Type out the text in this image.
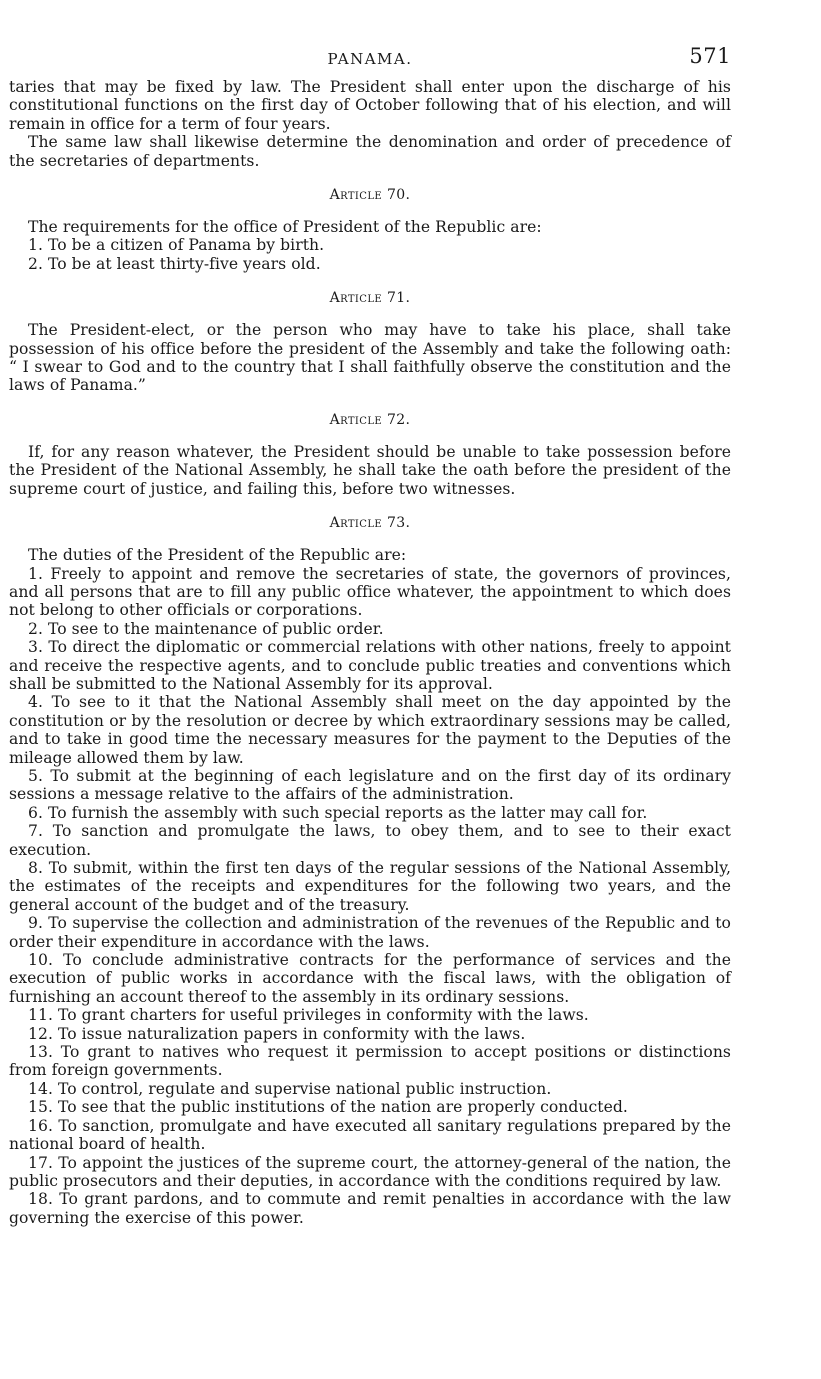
PANAMA.	571

taries that may be fixed by law. The President shall enter upon the discharge of his constitutional functions on the first day of October following that of his election, and will remain in office for a term of four years.

The same law shall likewise determine the denomination and order of precedence of the secretaries of departments.

Article 70.

The requirements for the office of President of the Republic are:

1. To be a citizen of Panama by birth.

2. To be at least thirty-five years old.

Article 71.

The President-elect, or the person who may have to take his place, shall take possession of his office before the president of the Assembly and take the following oath: “ I swear to God and to the country that I shall faithfully observe the constitution and the laws of Panama.”

Article 72.

If, for any reason whatever, the President should be unable to take possession before the President of the National Assembly, he shall take the oath before the president of the supreme court of justice, and failing this, before two witnesses.

Article 73.

The duties of the President of the Republic are:

1. Freely to appoint and remove the secretaries of state, the governors of provinces, and all persons that are to fill any public office whatever, the appointment to which does not belong to other officials or corporations.

2. To see to the maintenance of public order.

3. To direct the diplomatic or commercial relations with other nations, freely to appoint and receive the respective agents, and to conclude public treaties and conventions which shall be submitted to the National Assembly for its approval.

4. To see to it that the National Assembly shall meet on the day appointed by the constitution or by the resolution or decree by which extraordinary sessions may be called, and to take in good time the necessary measures for the payment to the Deputies of the mileage allowed them by law.

5. To submit at the beginning of each legislature and on the first day of its ordinary sessions a message relative to the affairs of the administration.

6. To furnish the assembly with such special reports as the latter may call for.

7. To sanction and promulgate the laws, to obey them, and to see to their exact execution.

8. To submit, within the first ten days of the regular sessions of the National Assembly, the estimates of the receipts and expenditures for the following two years, and the general account of the budget and of the treasury.

9. To supervise the collection and administration of the revenues of the Republic and to order their expenditure in accordance with the laws.

10. To conclude administrative contracts for the performance of services and the execution of public works in accordance with the fiscal laws, with the obligation of furnishing an account thereof to the assembly in its ordinary sessions.

11. To grant charters for useful privileges in conformity with the laws.

12. To issue naturalization papers in conformity with the laws.

13. To grant to natives who request it permission to accept positions or distinctions from foreign governments.

14. To control, regulate and supervise national public instruction.

15. To see that the public institutions of the nation are properly conducted.

16. To sanction, promulgate and have executed all sanitary regulations prepared by the national board of health.

17. To appoint the justices of the supreme court, the attorney-general of the nation, the public prosecutors and their deputies, in accordance with the conditions required by law.

18. To grant pardons, and to commute and remit penalties in accordance with the law governing the exercise of this power.
